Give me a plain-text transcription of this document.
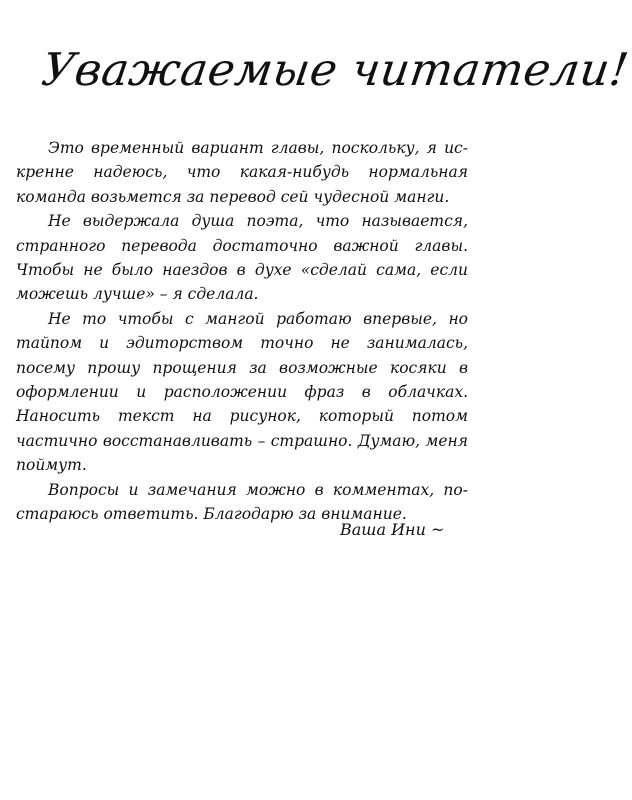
Уважаемые читатели!

Это временный вариант главы, поскольку, я искренне надеюсь, что какая-нибудь нормальная команда возьмется за перевод сей чудесной манги.

Не выдержала душа поэта, что называется, странного перевода достаточно важной главы. Чтобы не было наездов в духе «сделай сама, если можешь лучше» – я сделала.

Не то чтобы с мангой работаю впервые, но тайпом и эдиторством точно не занималась, посему прошу прощения за возможные косяки в оформлении и расположении фраз в облачках. Наносить текст на рисунок, который потом частично восстанавливать – страшно. Думаю, меня поймут.

Вопросы и замечания можно в комментах, постараюсь ответить. Благодарю за внимание.

Ваша Ини ~
